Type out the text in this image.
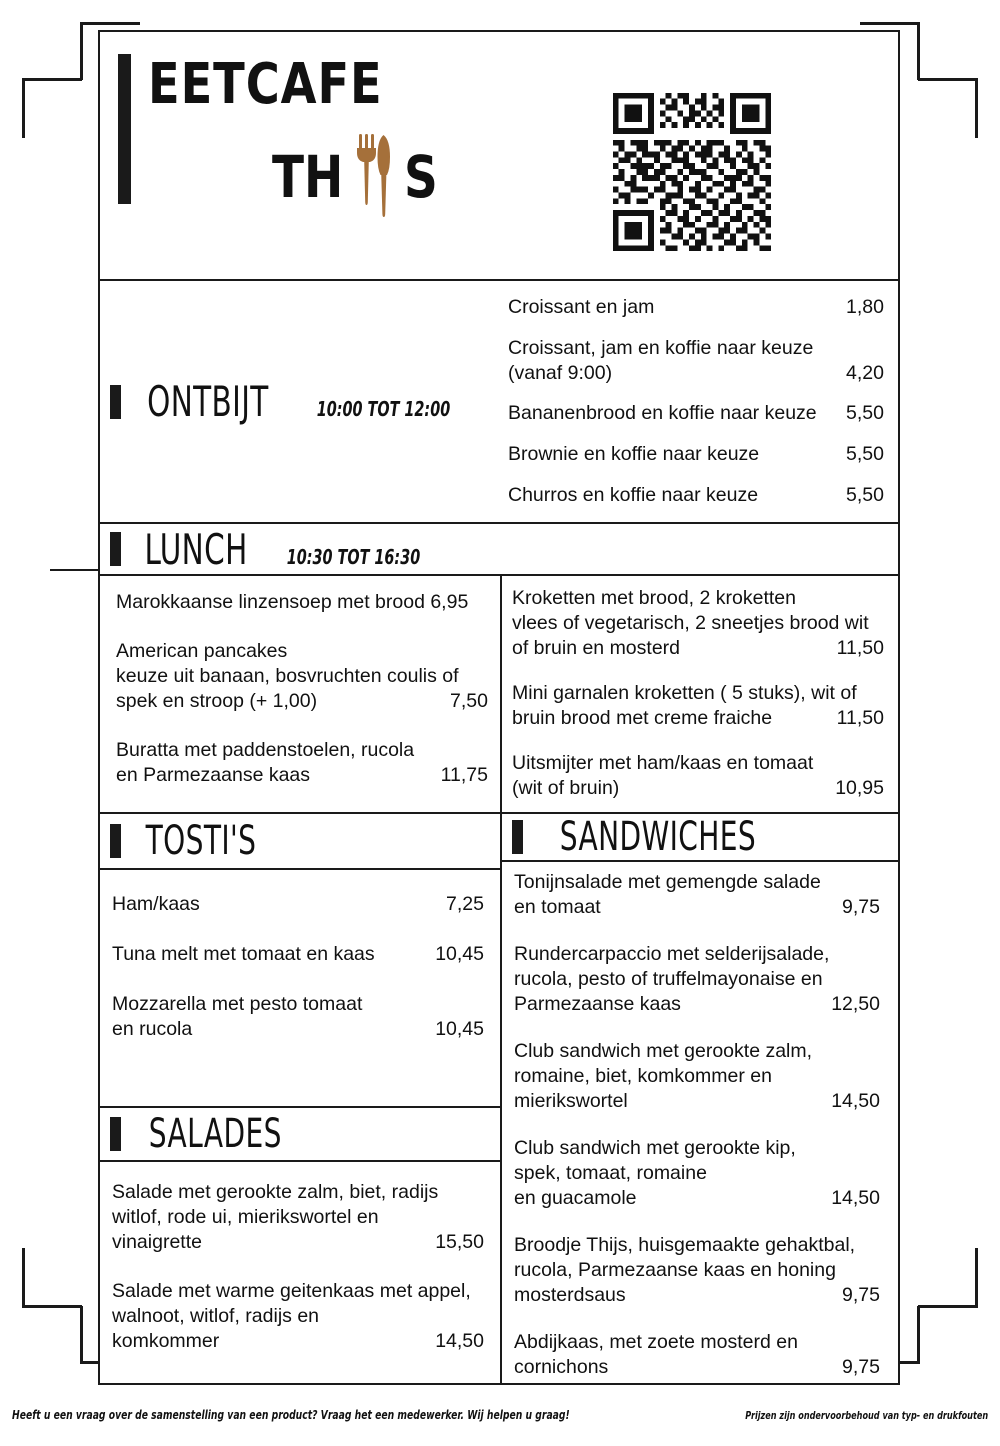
EETCAFE
TH S
ONTBIJT 10:00 TOT 12:00
Croissant en jam	1,80
Croissant, jam en koffie naar keuze
(vanaf 9:00)	4,20
Bananenbrood en koffie naar keuze	5,50
Brownie en koffie naar keuze	5,50
Churros en koffie naar keuze	5,50
LUNCH 10:30 TOT 16:30
Marokkaanse linzensoep met brood 6,95
American pancakes
keuze uit banaan, bosvruchten coulis of
spek en stroop (+ 1,00)	7,50
Buratta met paddenstoelen, rucola
en Parmezaanse kaas	11,75
Kroketten met brood, 2 kroketten
vlees of vegetarisch, 2 sneetjes brood wit
of bruin en mosterd	11,50
Mini garnalen kroketten ( 5 stuks), wit of
bruin brood met creme fraiche	11,50
Uitsmijter met ham/kaas en tomaat
(wit of bruin)	10,95
TOSTI'S
Ham/kaas	7,25
Tuna melt met tomaat en kaas	10,45
Mozzarella met pesto tomaat
en rucola	10,45
SALADES
Salade met gerookte zalm, biet, radijs
witlof, rode ui, mierikswortel en
vinaigrette	15,50
Salade met warme geitenkaas met appel,
walnoot, witlof, radijs en
komkommer	14,50
SANDWICHES
Tonijnsalade met gemengde salade
en tomaat	9,75
Rundercarpaccio met selderijsalade,
rucola, pesto of truffelmayonaise en
Parmezaanse kaas	12,50
Club sandwich met gerookte zalm,
romaine, biet, komkommer en
mierikswortel	14,50
Club sandwich met gerookte kip,
spek, tomaat, romaine
en guacamole	14,50
Broodje Thijs, huisgemaakte gehaktbal,
rucola, Parmezaanse kaas en honing
mosterdsaus	9,75
Abdijkaas, met zoete mosterd en
cornichons	9,75
Heeft u een vraag over de samenstelling van een product? Vraag het een medewerker. Wij helpen u graag!	Prijzen zijn ondervoorbehoud van typ- en drukfouten
